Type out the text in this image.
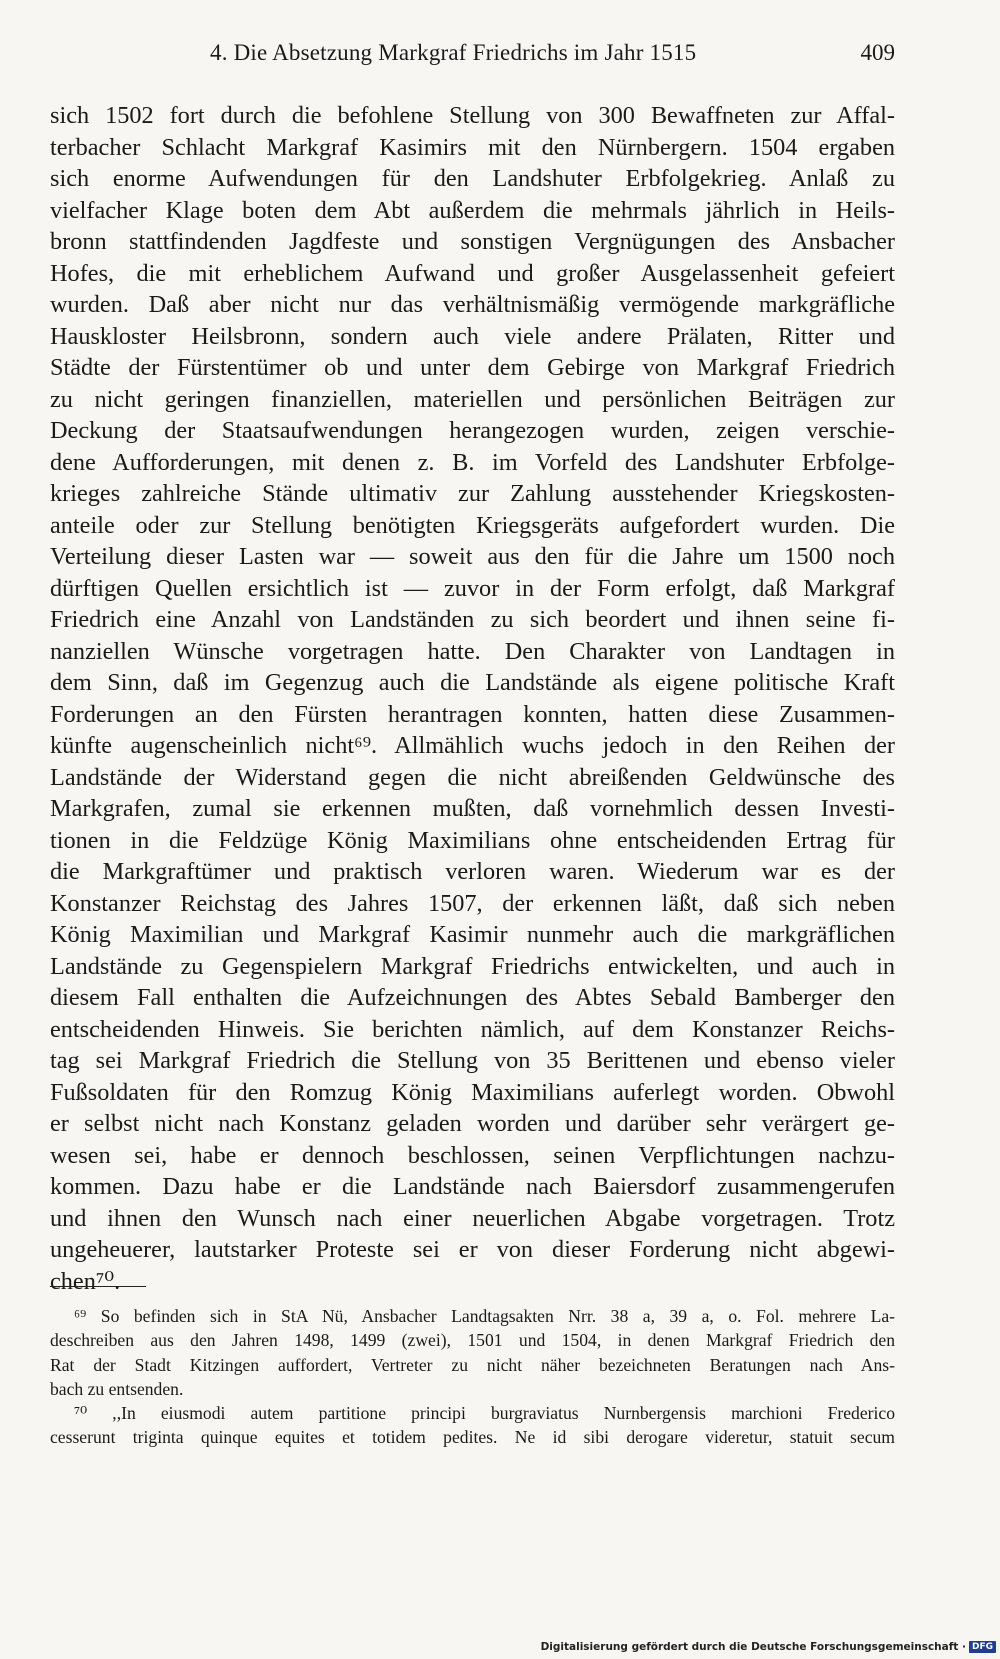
4. Die Absetzung Markgraf Friedrichs im Jahr 1515	409
sich 1502 fort durch die befohlene Stellung von 300 Bewaffneten zur Affal-
terbacher Schlacht Markgraf Kasimirs mit den Nürnbergern. 1504 ergaben
sich enorme Aufwendungen für den Landshuter Erbfolgekrieg. Anlaß zu
vielfacher Klage boten dem Abt außerdem die mehrmals jährlich in Heils-
bronn stattfindenden Jagdfeste und sonstigen Vergnügungen des Ansbacher
Hofes, die mit erheblichem Aufwand und großer Ausgelassenheit gefeiert
wurden. Daß aber nicht nur das verhältnismäßig vermögende markgräfliche
Hauskloster Heilsbronn, sondern auch viele andere Prälaten, Ritter und
Städte der Fürstentümer ob und unter dem Gebirge von Markgraf Friedrich
zu nicht geringen finanziellen, materiellen und persönlichen Beiträgen zur
Deckung der Staatsaufwendungen herangezogen wurden, zeigen verschie-
dene Aufforderungen, mit denen z. B. im Vorfeld des Landshuter Erbfolge-
krieges zahlreiche Stände ultimativ zur Zahlung ausstehender Kriegskosten-
anteile oder zur Stellung benötigten Kriegsgeräts aufgefordert wurden. Die
Verteilung dieser Lasten war — soweit aus den für die Jahre um 1500 noch
dürftigen Quellen ersichtlich ist — zuvor in der Form erfolgt, daß Markgraf
Friedrich eine Anzahl von Landständen zu sich beordert und ihnen seine fi-
nanziellen Wünsche vorgetragen hatte. Den Charakter von Landtagen in
dem Sinn, daß im Gegenzug auch die Landstände als eigene politische Kraft
Forderungen an den Fürsten herantragen konnten, hatten diese Zusammen-
künfte augenscheinlich nicht⁶⁹. Allmählich wuchs jedoch in den Reihen der
Landstände der Widerstand gegen die nicht abreißenden Geldwünsche des
Markgrafen, zumal sie erkennen mußten, daß vornehmlich dessen Investi-
tionen in die Feldzüge König Maximilians ohne entscheidenden Ertrag für
die Markgraftümer und praktisch verloren waren. Wiederum war es der
Konstanzer Reichstag des Jahres 1507, der erkennen läßt, daß sich neben
König Maximilian und Markgraf Kasimir nunmehr auch die markgräflichen
Landstände zu Gegenspielern Markgraf Friedrichs entwickelten, und auch in
diesem Fall enthalten die Aufzeichnungen des Abtes Sebald Bamberger den
entscheidenden Hinweis. Sie berichten nämlich, auf dem Konstanzer Reichs-
tag sei Markgraf Friedrich die Stellung von 35 Berittenen und ebenso vieler
Fußsoldaten für den Romzug König Maximilians auferlegt worden. Obwohl
er selbst nicht nach Konstanz geladen worden und darüber sehr verärgert ge-
wesen sei, habe er dennoch beschlossen, seinen Verpflichtungen nachzu-
kommen. Dazu habe er die Landstände nach Baiersdorf zusammengerufen
und ihnen den Wunsch nach einer neuerlichen Abgabe vorgetragen. Trotz
ungeheuerer, lautstarker Proteste sei er von dieser Forderung nicht abgewi-
chen⁷⁰.
⁶⁹ So befinden sich in StA Nü, Ansbacher Landtagsakten Nrr. 38 a, 39 a, o. Fol. mehrere La-
deschreiben aus den Jahren 1498, 1499 (zwei), 1501 und 1504, in denen Markgraf Friedrich den
Rat der Stadt Kitzingen auffordert, Vertreter zu nicht näher bezeichneten Beratungen nach Ans-
bach zu entsenden.
⁷⁰ ,,In eiusmodi autem partitione principi burgraviatus Nurnbergensis marchioni Frederico
cesserunt triginta quinque equites et totidem pedites. Ne id sibi derogare videretur, statuit secum
Digitalisierung gefördert durch die Deutsche Forschungsgemeinschaft · DFG
